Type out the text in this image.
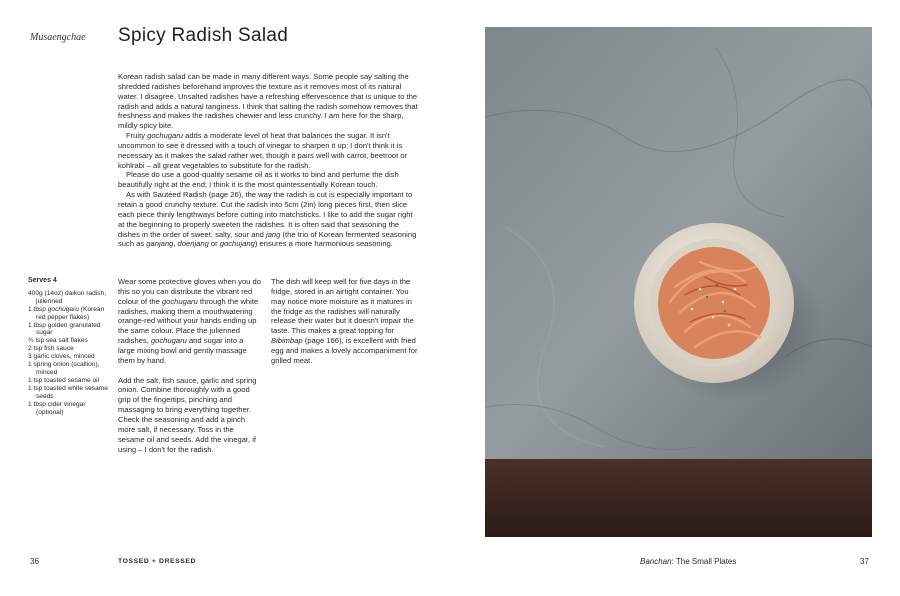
Musaengchae Spicy Radish Salad

Korean radish salad can be made in many different ways. Some people say salting the shredded radishes beforehand improves the texture as it removes most of its natural water. I disagree. Unsalted radishes have a refreshing effervescence that is unique to the radish and adds a natural tanginess. I think that salting the radish somehow removes that freshness and makes the radishes chewier and less crunchy. I am here for the sharp, mildly spicy bite.

Fruity gochugaru adds a moderate level of heat that balances the sugar. It isn't uncommon to see it dressed with a touch of vinegar to sharpen it up; I don't think it is necessary as it makes the salad rather wet, though it pairs well with carrot, beetroot or kohlrabi – all great vegetables to substitute for the radish.

Please do use a good-quality sesame oil as it works to bind and perfume the dish beautifully right at the end; I think it is the most quintessentially Korean touch.

As with Sautéed Radish (page 26), the way the radish is cut is especially important to retain a good crunchy texture. Cut the radish into 5cm (2in) long pieces first, then slice each piece thinly lengthways before cutting into matchsticks. I like to add the sugar right at the beginning to properly sweeten the radishes. It is often said that seasoning the dishes in the order of sweet, salty, sour and jang (the trio of Korean fermented seasoning such as ganjang, doenjang or gochujang) ensures a more harmonious seasoning.

Serves 4
400g (14oz) daikon radish, julienned
1 tbsp gochugaru (Korean red pepper flakes)
1 tbsp golden granulated sugar
¾ tsp sea salt flakes
2 tsp fish sauce
3 garlic cloves, minced
1 spring onion (scallion), minced
1 tsp toasted sesame oil
1 tsp toasted white sesame seeds
1 tbsp cider vinegar (optional)

Wear some protective gloves when you do this so you can distribute the vibrant red colour of the gochugaru through the white radishes, making them a mouthwatering orange-red without your hands ending up the same colour. Place the julienned radishes, gochugaru and sugar into a large mixing bowl and gently massage them by hand.

Add the salt, fish sauce, garlic and spring onion. Combine thoroughly with a good grip of the fingertips, pinching and massaging to bring everything together. Check the seasoning and add a pinch more salt, if necessary. Toss in the sesame oil and seeds. Add the vinegar, if using – I don't for the radish.

The dish will keep well for five days in the fridge, stored in an airtight container. You may notice more moisture as it matures in the fridge as the radishes will naturally release their water but it doesn't impair the taste. This makes a great topping for Bibimbap (page 166), is excellent with fried egg and makes a lovely accompaniment for grilled meat.

36	TOSSED + DRESSED	Banchan: The Small Plates	37
